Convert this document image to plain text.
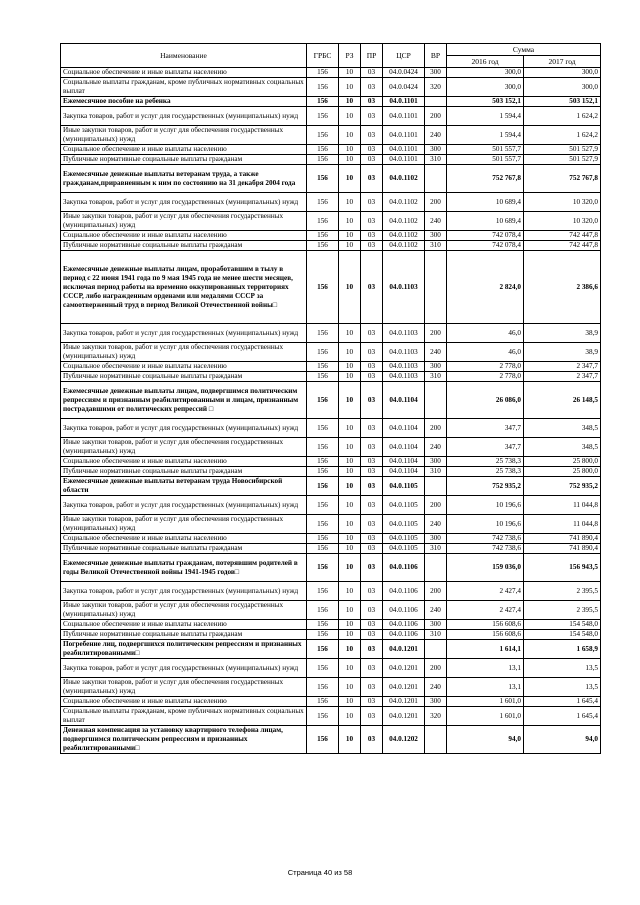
Наименование	ГРБС	РЗ	ПР	ЦСР	ВР	Сумма	
						2016 год	2017 год
Социальное обеспечение и иные выплаты населению	156	10	03	04.0.0424	300	300,0	300,0
Социальные выплаты гражданам, кроме публичных нормативных социальных выплат	156	10	03	04.0.0424	320	300,0	300,0
Ежемесячное пособие на ребенка	156	10	03	04.0.1101		503 152,1	503 152,1
Закупка товаров, работ и услуг для государственных (муниципальных) нужд	156	10	03	04.0.1101	200	1 594,4	1 624,2
Иные закупки товаров, работ и услуг для обеспечения государственных (муниципальных) нужд	156	10	03	04.0.1101	240	1 594,4	1 624,2
Социальное обеспечение и иные выплаты населению	156	10	03	04.0.1101	300	501 557,7	501 527,9
Публичные нормативные социальные выплаты гражданам	156	10	03	04.0.1101	310	501 557,7	501 527,9
Ежемесячные денежные выплаты ветеранам труда, а также гражданам,приравненным к ним по состоянию на 31 декабря 2004 года	156	10	03	04.0.1102		752 767,8	752 767,8
Закупка товаров, работ и услуг для государственных (муниципальных) нужд	156	10	03	04.0.1102	200	10 689,4	10 320,0
Иные закупки товаров, работ и услуг для обеспечения государственных (муниципальных) нужд	156	10	03	04.0.1102	240	10 689,4	10 320,0
Социальное обеспечение и иные выплаты населению	156	10	03	04.0.1102	300	742 078,4	742 447,8
Публичные нормативные социальные выплаты гражданам	156	10	03	04.0.1102	310	742 078,4	742 447,8
Ежемесячные денежные выплаты лицам, проработавшим в тылу в период с 22 июня 1941 года по 9 мая 1945 года не менее шести месяцев, исключая период работы на временно оккупированных территориях СССР, либо награжденным орденами или медалями СССР за самоотверженный труд в период Великой Отечественной войны□	156	10	03	04.0.1103		2 824,0	2 386,6
Закупка товаров, работ и услуг для государственных (муниципальных) нужд	156	10	03	04.0.1103	200	46,0	38,9
Иные закупки товаров, работ и услуг для обеспечения государственных (муниципальных) нужд	156	10	03	04.0.1103	240	46,0	38,9
Социальное обеспечение и иные выплаты населению	156	10	03	04.0.1103	300	2 778,0	2 347,7
Публичные нормативные социальные выплаты гражданам	156	10	03	04.0.1103	310	2 778,0	2 347,7
Ежемесячные денежные выплаты лицам, подвергшимся политическим репрессиям и признанным реабилитированными и лицам, признанным пострадавшими от политических репрессий □	156	10	03	04.0.1104		26 086,0	26 148,5
Закупка товаров, работ и услуг для государственных (муниципальных) нужд	156	10	03	04.0.1104	200	347,7	348,5
Иные закупки товаров, работ и услуг для обеспечения государственных (муниципальных) нужд	156	10	03	04.0.1104	240	347,7	348,5
Социальное обеспечение и иные выплаты населению	156	10	03	04.0.1104	300	25 738,3	25 800,0
Публичные нормативные социальные выплаты гражданам	156	10	03	04.0.1104	310	25 738,3	25 800,0
Ежемесячные денежные выплаты ветеранам труда Новосибирской области	156	10	03	04.0.1105		752 935,2	752 935,2
Закупка товаров, работ и услуг для государственных (муниципальных) нужд	156	10	03	04.0.1105	200	10 196,6	11 044,8
Иные закупки товаров, работ и услуг для обеспечения государственных (муниципальных) нужд	156	10	03	04.0.1105	240	10 196,6	11 044,8
Социальное обеспечение и иные выплаты населению	156	10	03	04.0.1105	300	742 738,6	741 890,4
Публичные нормативные социальные выплаты гражданам	156	10	03	04.0.1105	310	742 738,6	741 890,4
Ежемесячные денежные выплаты гражданам, потерявшим родителей в годы Великой Отечественной войны 1941-1945 годов□	156	10	03	04.0.1106		159 036,0	156 943,5
Закупка товаров, работ и услуг для государственных (муниципальных) нужд	156	10	03	04.0.1106	200	2 427,4	2 395,5
Иные закупки товаров, работ и услуг для обеспечения государственных (муниципальных) нужд	156	10	03	04.0.1106	240	2 427,4	2 395,5
Социальное обеспечение и иные выплаты населению	156	10	03	04.0.1106	300	156 608,6	154 548,0
Публичные нормативные социальные выплаты гражданам	156	10	03	04.0.1106	310	156 608,6	154 548,0
Погребение лиц, подвергшихся политическим репрессиям и признанных реабилитированными□	156	10	03	04.0.1201		1 614,1	1 658,9
Закупка товаров, работ и услуг для государственных (муниципальных) нужд	156	10	03	04.0.1201	200	13,1	13,5
Иные закупки товаров, работ и услуг для обеспечения государственных (муниципальных) нужд	156	10	03	04.0.1201	240	13,1	13,5
Социальное обеспечение и иные выплаты населению	156	10	03	04.0.1201	300	1 601,0	1 645,4
Социальные выплаты гражданам, кроме публичных нормативных социальных выплат	156	10	03	04.0.1201	320	1 601,0	1 645,4
Денежная компенсация за установку квартирного телефона лицам, подвергшимся политическим репрессиям и признанных реабилитированными□	156	10	03	04.0.1202		94,0	94,0
Страница 40 из 58
